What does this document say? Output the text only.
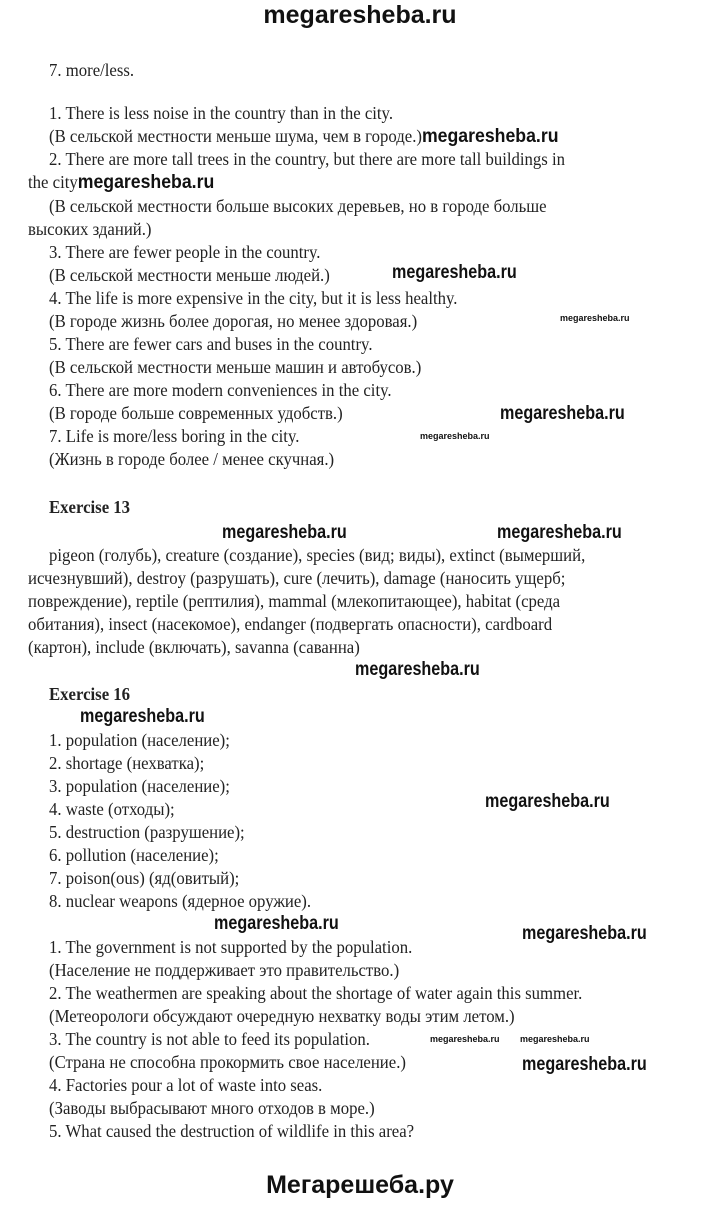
megaresheba.ru
7. more/less.
1. There is less noise in the country than in the city.
(В сельской местности меньше шума, чем в городе.)megaresheba.ru
2. There are more tall trees in the country, but there are more tall buildings in
the citymegaresheba.ru
(В сельской местности больше высоких деревьев, но в городе больше
высоких зданий.)
3. There are fewer people in the country.
(В сельской местности меньше людей.)	megaresheba.ru
4. The life is more expensive in the city, but it is less healthy.
megaresheba.ru
(В городе жизнь более дорогая, но менее здоровая.)
5. There are fewer cars and buses in the country.
(В сельской местности меньше машин и автобусов.)
6. There are more modern conveniences in the city.
megaresheba.ru
megaresheba.ru
(В городе больше современных удобств.)
7. Life is more/less boring in the city.
(Жизнь в городе более / менее скучная.)
Exercise 13
megaresheba.ru	megaresheba.ru
pigeon (голубь), creature (создание), species (вид; виды), extinct (вымерший,
исчезнувший), destroy (разрушать), cure (лечить), damage (наносить ущерб;
повреждение), reptile (рептилия), mammal (млекопитающее), habitat (среда
обитания), insect (насекомое), endanger (подвергать опасности), cardboard
(картон), include (включать), savanna (саванна)
megaresheba.ru
Exercise 16
megaresheba.ru
1. population (население);
2. shortage (нехватка);
3. population (население);
megaresheba.ru
4. waste (отходы);
5. destruction (разрушение);
6. pollution (население);
7. poison(ous) (яд(овитый);
8. nuclear weapons (ядерное оружие).
megaresheba.ru	megaresheba.ru
1. The government is not supported by the population.
(Население не поддерживает это правительство.)
2. The weathermen are speaking about the shortage of water again this summer.
(Метеорологи обсуждают очередную нехватку воды этим летом.)
3. The country is not able to feed its population.	megaresheba.ru megaresheba.ru
(Страна не способна прокормить свое население.)	megaresheba.ru
4. Factories pour a lot of waste into seas.
(Заводы выбрасывают много отходов в море.)
5. What caused the destruction of wildlife in this area?
Мегарешеба.ру
